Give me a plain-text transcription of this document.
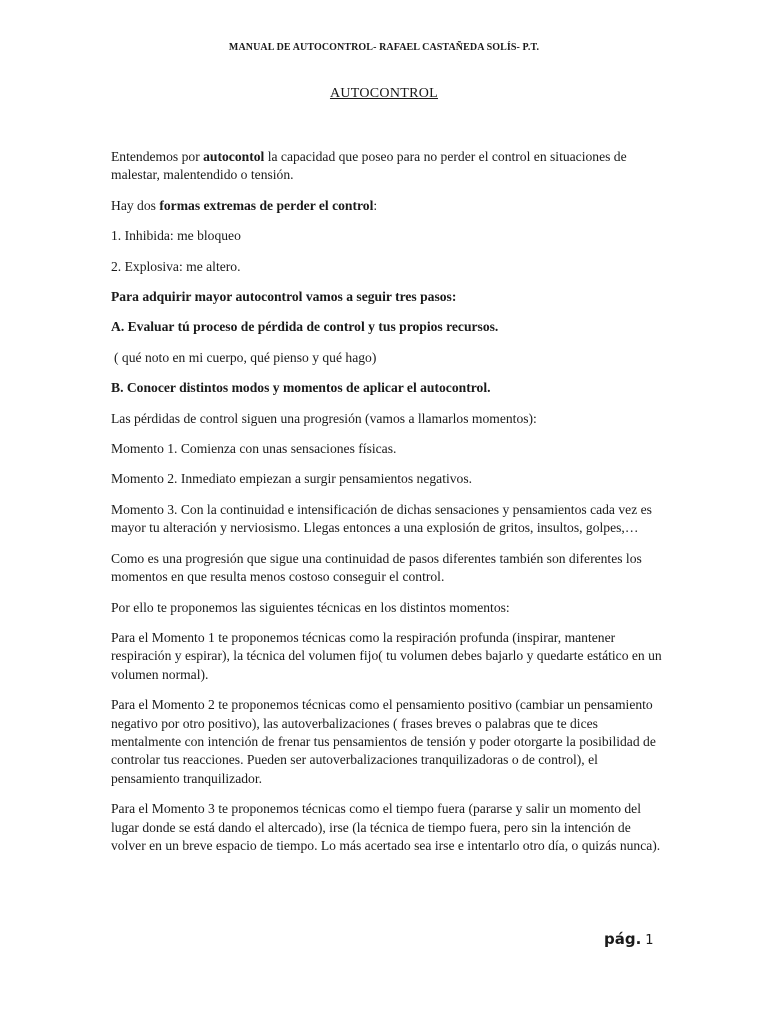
MANUAL DE AUTOCONTROL- RAFAEL CASTAÑEDA SOLÍS- P.T.
AUTOCONTROL

Entendemos por autocontol la capacidad que poseo para no perder el control en situaciones de malestar, malentendido o tensión.

Hay dos formas extremas de perder el control:

1. Inhibida: me bloqueo

2. Explosiva: me altero.

Para adquirir mayor autocontrol vamos a seguir tres pasos:

A. Evaluar tú proceso de pérdida de control y tus propios recursos.

( qué noto en mi cuerpo, qué pienso y qué hago)

B. Conocer distintos modos y momentos de aplicar el autocontrol.

Las pérdidas de control siguen una progresión (vamos a llamarlos momentos):

Momento 1. Comienza con unas sensaciones físicas.

Momento 2. Inmediato empiezan a surgir pensamientos negativos.

Momento 3. Con la continuidad e intensificación de dichas sensaciones y pensamientos cada vez es mayor tu alteración y nerviosismo. Llegas entonces a una explosión de gritos, insultos, golpes,…

Como es una progresión que sigue una continuidad de pasos diferentes también son diferentes los momentos en que resulta menos costoso conseguir el control.

Por ello te proponemos las siguientes técnicas en los distintos momentos:

Para el Momento 1 te proponemos técnicas como la respiración profunda (inspirar, mantener respiración y espirar), la técnica del volumen fijo( tu volumen debes bajarlo y quedarte estático en un volumen normal).

Para el Momento 2 te proponemos técnicas como el pensamiento positivo (cambiar un pensamiento negativo por otro positivo), las autoverbalizaciones ( frases breves o palabras que te dices mentalmente con intención de frenar tus pensamientos de tensión y poder otorgarte la posibilidad de controlar tus reacciones. Pueden ser autoverbalizaciones tranquilizadoras o de control), el pensamiento tranquilizador.

Para el Momento 3 te proponemos técnicas como el tiempo fuera (pararse y salir un momento del lugar donde se está dando el altercado), irse (la técnica de tiempo fuera, pero sin la intención de volver en un breve espacio de tiempo. Lo más acertado sea irse e intentarlo otro día, o quizás nunca).

pág. 1
